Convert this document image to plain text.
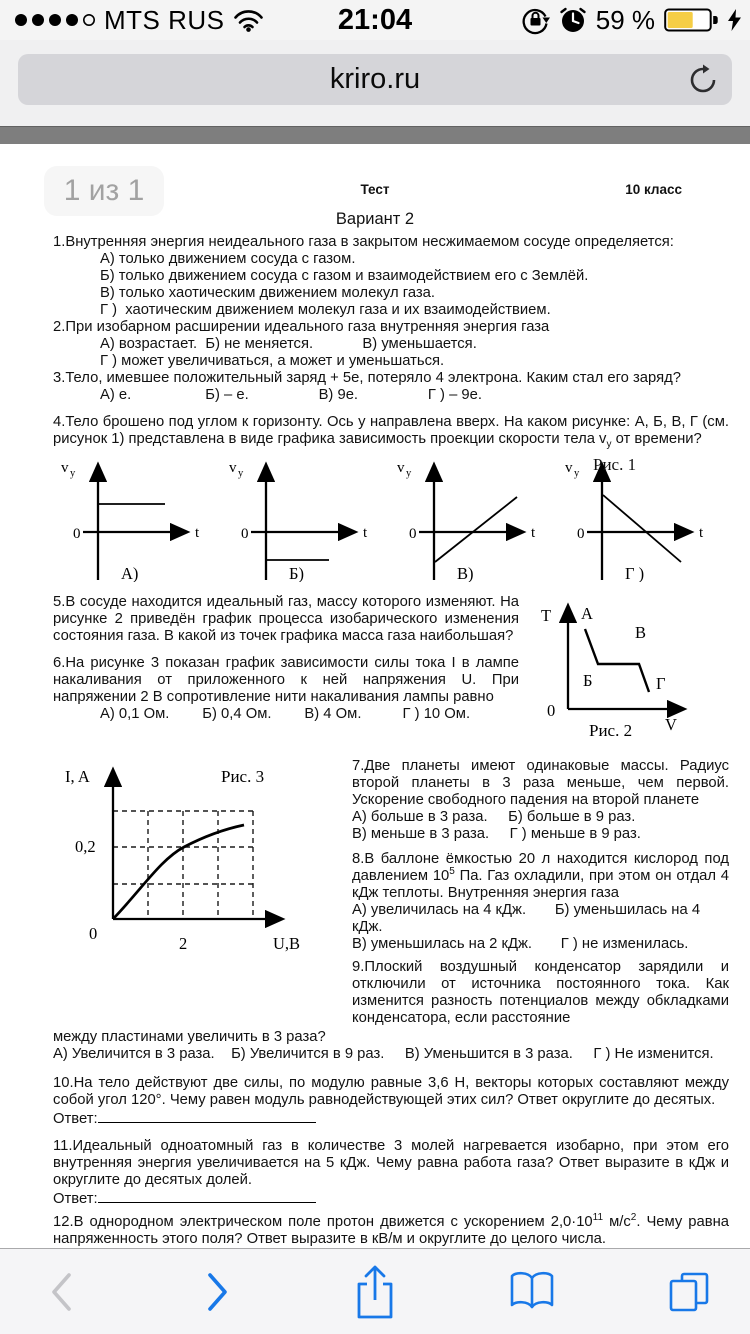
MTS RUS	21:04	59 %
kriro.ru
1 из 1	Тест	10 класс
Вариант 2

1.Внутренняя энергия неидеального газа в закрытом несжимаемом сосуде определяется:

А) только движением сосуда с газом.

Б) только движением сосуда с газом и взаимодействием его с Землёй.

В) только хаотическим движением молекул газа.

Г )  хаотическим движением молекул газа и их взаимодействием.

2.При изобарном расширении идеального газа внутренняя энергия газа

А) возрастает.  Б) не меняется.            В) уменьшается.

Г ) может увеличиваться, а может и уменьшаться.

3.Тело, имевшее положительный заряд + 5е, потеряло 4 электрона. Каким стал его заряд?

А) е.                  Б) – е.                 В) 9е.                 Г ) – 9е.

4.Тело брошено под углом к горизонту. Ось у направлена вверх. На каком рисунке: А, Б, В, Г (см. рисунок 1) представлена в виде графика зависимость проекции скорости тела $v_y$ от времени?

Рис. 1
v y
0	t
А)
v y
0	t
Б)
v y
0	t
В)
v y
0	t
Г )

5.В сосуде находится идеальный газ, массу которого изменяют. На рисунке 2 приведён график процесса изобарического изменения состояния газа. В какой из точек графика масса газа наибольшая?

6.На рисунке 3 показан график зависимости силы тока I в лампе накаливания от приложенного к ней напряжения U. При напряжении 2 В сопротивление нити накаливания лампы равно

А) 0,1 Ом.        Б) 0,4 Ом.        В) 4 Ом.          Г ) 10 Ом.

Т А
В
Б	Г
0
V
Рис. 2
I, A	Рис. 3
0,2
0
2	U,B

7.Две планеты имеют одинаковые массы. Радиус второй планеты в 3 раза меньше, чем первой. Ускорение свободного падения на второй планете

А) больше в 3 раза.     Б) больше в 9 раз.

В) меньше в 3 раза.     Г ) меньше в 9 раз.

8.В баллоне ёмкостью 20 л находится кислород под давлением $10^5$ Па. Газ охладили, при этом он отдал 4 кДж теплоты. Внутренняя энергия газа

А) увеличилась на 4 кДж.       Б) уменьшилась на 4 кДж.

В) уменьшилась на 2 кДж.       Г ) не изменилась.

9.Плоский воздушный конденсатор зарядили и отключили от источника постоянного тока. Как изменится разность потенциалов между обкладками конденсатора, если расстояние

между пластинами увеличить в 3 раза?

А) Увеличится в 3 раза.    Б) Увеличится в 9 раз.     В) Уменьшится в 3 раза.     Г ) Не изменится.

10.На тело действуют две силы, по модулю равные 3,6 Н, векторы которых составляют между собой угол 120°. Чему равен модуль равнодействующей этих сил? Ответ округлите до десятых.

Ответ:

11.Идеальный одноатомный газ в количестве 3 молей нагревается изобарно, при этом его внутренняя энергия увеличивается на 5 кДж. Чему равна работа газа? Ответ выразите в кДж и округлите до десятых долей.

Ответ:

12.В однородном электрическом поле протон движется с ускорением $2,0\cdot 10^{11}$ $м/с^2$. Чему равна напряженность этого поля? Ответ выразите в кВ/м и округлите до целого числа.
